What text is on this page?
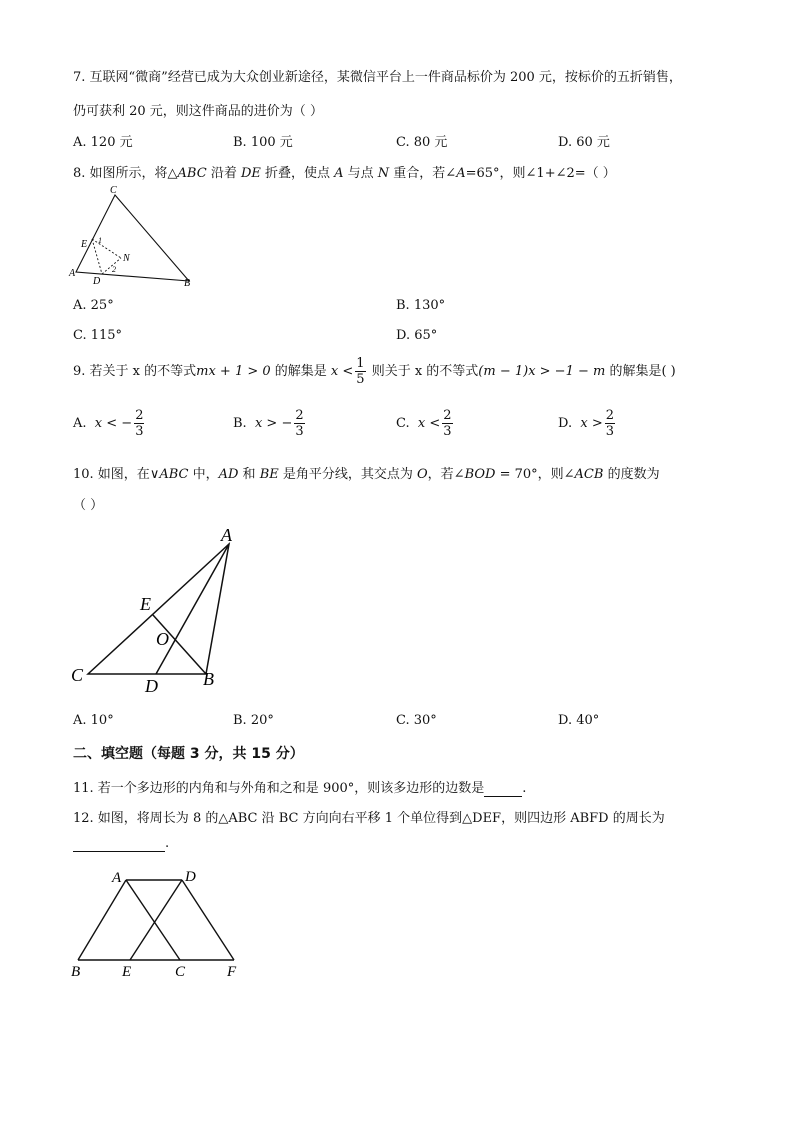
7. 互联网“微商”经营已成为大众创业新途径，某微信平台上一件商品标价为 200 元，按标价的五折销售，
仍可获利 20 元，则这件商品的进价为（ ）
A. 120 元	B. 100 元	C. 80 元	D. 60 元
8. 如图所示，将△ABC 沿着 DE 折叠，使点 A 与点 N 重合，若∠A=65°，则∠1+∠2=（ ）
C
E 1
N
A	2
D	B
A. 25°	B. 130°
C. 115°	D. 65°
9. 若关于 x 的不等式mx + 1 > 0 的解集是 $x < \frac{1}{5}$ 则关于 x 的不等式(m − 1)x > −1 − m 的解集是( )
A. x < − $\frac{2}{3}$	B. x > − $\frac{2}{3}$	C. $x < \frac{2}{3}$	D. $x > \frac{2}{3}$
10. 如图，在∨ABC 中，AD 和 BE 是角平分线，其交点为 O，若∠BOD = 70°，则∠ACB 的度数为
（ ）
A
E
O
C
D	B
A. 10°	B. 20°	C. 30°	D. 40°
二、填空题（每题 3 分，共 15 分）
11. 若一个多边形的内角和与外角和之和是 900°，则该多边形的边数是	.
12. 如图，将周长为 8 的△ABC 沿 BC 方向向右平移 1 个单位得到△DEF，则四边形 ABFD 的周长为
.
A	D
B	E	C	F
